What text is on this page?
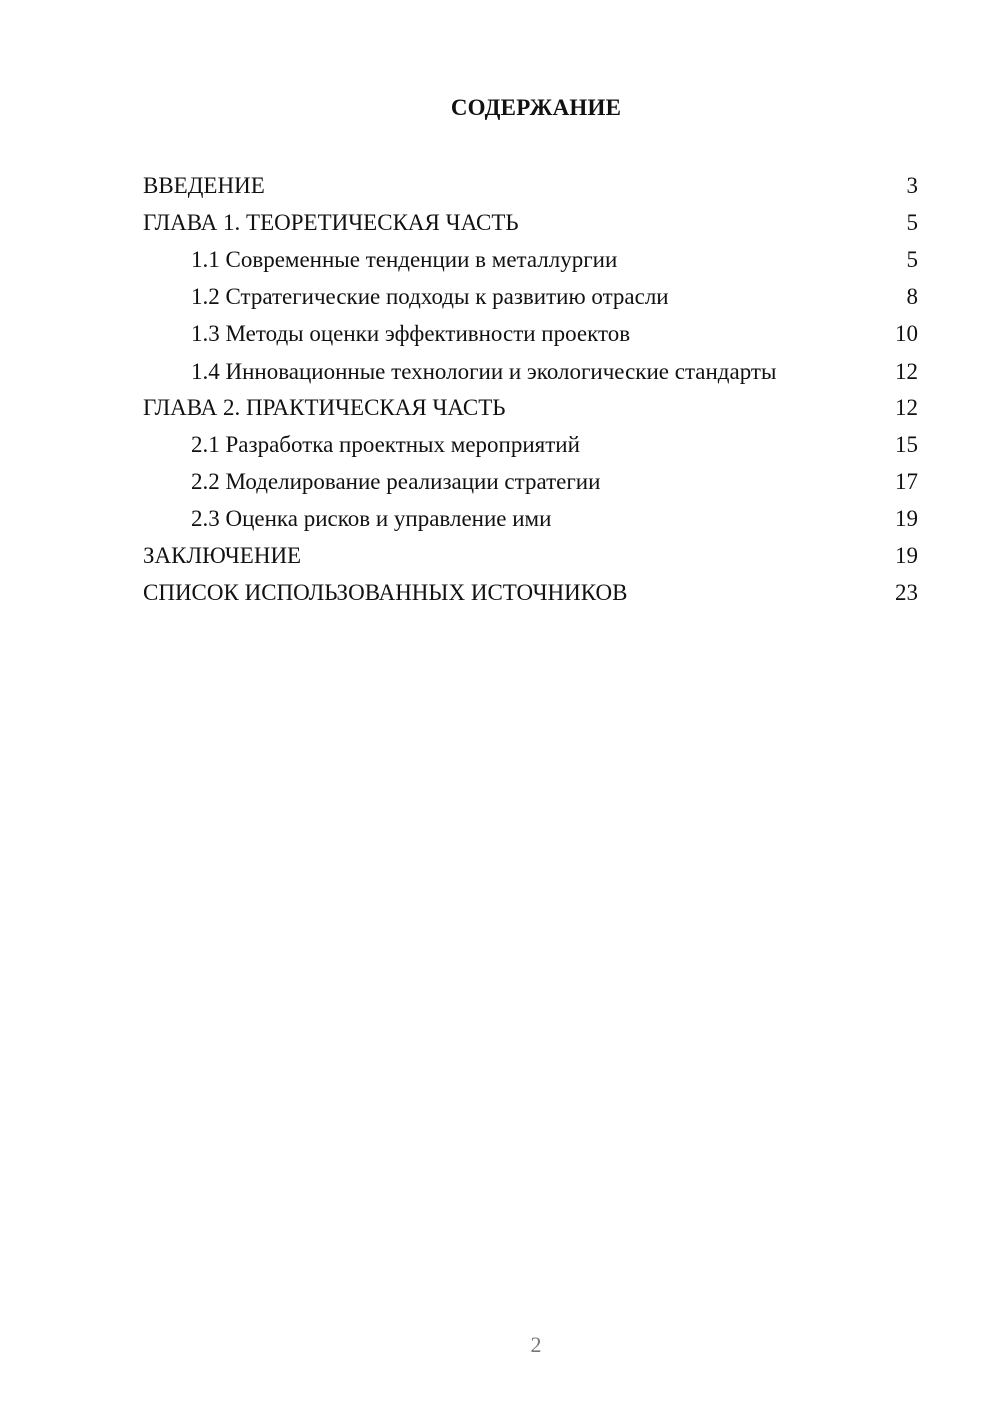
СОДЕРЖАНИЕ
ВВЕДЕНИЕ	3
ГЛАВА 1. ТЕОРЕТИЧЕСКАЯ ЧАСТЬ	5
1.1 Современные тенденции в металлургии	5
1.2 Стратегические подходы к развитию отрасли	8
1.3 Методы оценки эффективности проектов	10
1.4 Инновационные технологии и экологические стандарты	12
ГЛАВА 2. ПРАКТИЧЕСКАЯ ЧАСТЬ	12
2.1 Разработка проектных мероприятий	15
2.2 Моделирование реализации стратегии	17
2.3 Оценка рисков и управление ими	19
ЗАКЛЮЧЕНИЕ	19
СПИСОК ИСПОЛЬЗОВАННЫХ ИСТОЧНИКОВ	23
2
